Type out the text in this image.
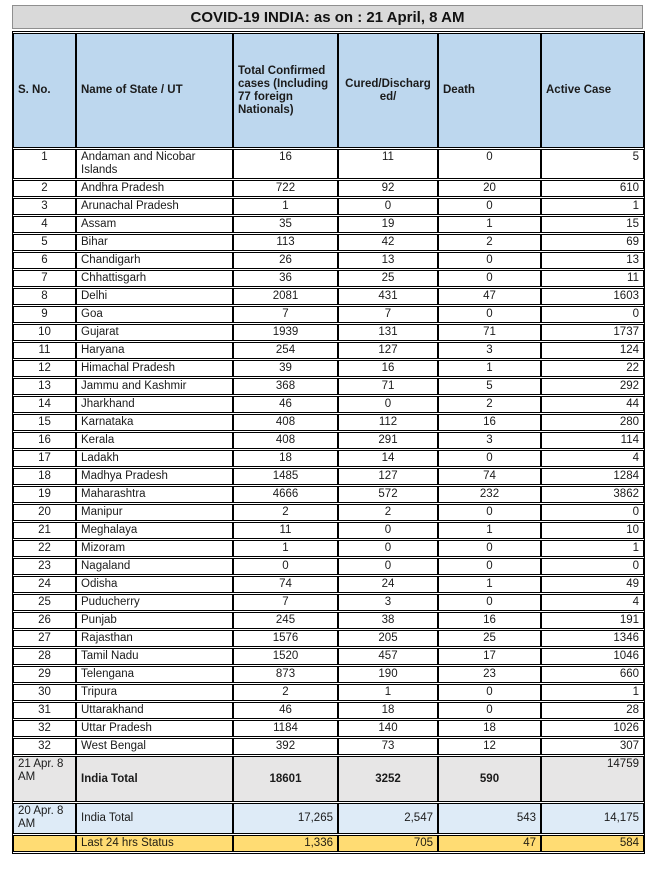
COVID-19 INDIA: as on : 21 April, 8 AM
S. No.	Name of State / UT	Total Confirmed cases (Including 77 foreign Nationals)	Cured/Discharged/	Death	Active Case
1	Andaman and Nicobar Islands	16	11	0	5
2	Andhra Pradesh	722	92	20	610
3	Arunachal Pradesh	1	0	0	1
4	Assam	35	19	1	15
5	Bihar	113	42	2	69
6	Chandigarh	26	13	0	13
7	Chhattisgarh	36	25	0	11
8	Delhi	2081	431	47	1603
9	Goa	7	7	0	0
10	Gujarat	1939	131	71	1737
11	Haryana	254	127	3	124
12	Himachal Pradesh	39	16	1	22
13	Jammu and Kashmir	368	71	5	292
14	Jharkhand	46	0	2	44
15	Karnataka	408	112	16	280
16	Kerala	408	291	3	114
17	Ladakh	18	14	0	4
18	Madhya Pradesh	1485	127	74	1284
19	Maharashtra	4666	572	232	3862
20	Manipur	2	2	0	0
21	Meghalaya	11	0	1	10
22	Mizoram	1	0	0	1
23	Nagaland	0	0	0	0
24	Odisha	74	24	1	49
25	Puducherry	7	3	0	4
26	Punjab	245	38	16	191
27	Rajasthan	1576	205	25	1346
28	Tamil Nadu	1520	457	17	1046
29	Telengana	873	190	23	660
30	Tripura	2	1	0	1
31	Uttarakhand	46	18	0	28
32	Uttar Pradesh	1184	140	18	1026
32	West Bengal	392	73	12	307
21 Apr. 8 AM	India Total	18601	3252	590	14759
20 Apr. 8 AM	India Total	17,265	2,547	543	14,175
	Last 24 hrs Status	1,336	705	47	584
